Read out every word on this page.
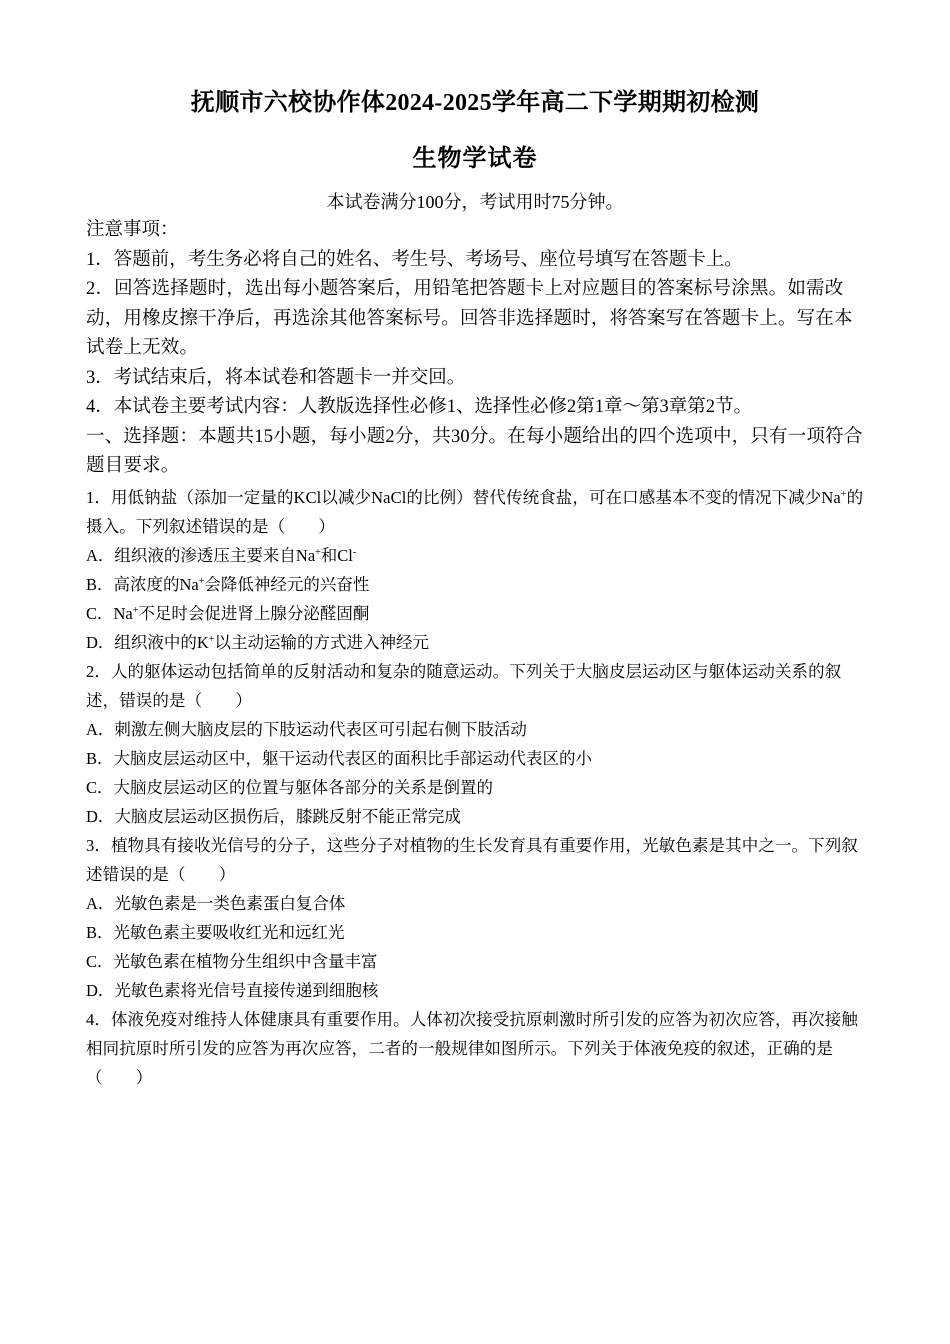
抚顺市六校协作体2024-2025学年高二下学期期初检测
生物学试卷
本试卷满分100分，考试用时75分钟。
注意事项：
1．答题前，考生务必将自己的姓名、考生号、考场号、座位号填写在答题卡上。
2．回答选择题时，选出每小题答案后，用铅笔把答题卡上对应题目的答案标号涂黑。如需改动，用橡皮擦干净后，再选涂其他答案标号。回答非选择题时，将答案写在答题卡上。写在本试卷上无效。
3．考试结束后，将本试卷和答题卡一并交回。
4．本试卷主要考试内容：人教版选择性必修1、选择性必修2第1章～第3章第2节。
一、选择题：本题共15小题，每小题2分，共30分。在每小题给出的四个选项中，只有一项符合题目要求。
1．用低钠盐（添加一定量的KCl以减少NaCl的比例）替代传统食盐，可在口感基本不变的情况下减少Na+的摄入。下列叙述错误的是（　　）
A．组织液的渗透压主要来自Na+和Cl-
B．高浓度的Na+会降低神经元的兴奋性
C．Na+不足时会促进肾上腺分泌醛固酮
D．组织液中的K+以主动运输的方式进入神经元
2．人的躯体运动包括简单的反射活动和复杂的随意运动。下列关于大脑皮层运动区与躯体运动关系的叙述，错误的是（　　）
A．刺激左侧大脑皮层的下肢运动代表区可引起右侧下肢活动
B．大脑皮层运动区中，躯干运动代表区的面积比手部运动代表区的小
C．大脑皮层运动区的位置与躯体各部分的关系是倒置的
D．大脑皮层运动区损伤后，膝跳反射不能正常完成
3．植物具有接收光信号的分子，这些分子对植物的生长发育具有重要作用，光敏色素是其中之一。下列叙述错误的是（　　）
A．光敏色素是一类色素蛋白复合体
B．光敏色素主要吸收红光和远红光
C．光敏色素在植物分生组织中含量丰富
D．光敏色素将光信号直接传递到细胞核
4．体液免疫对维持人体健康具有重要作用。人体初次接受抗原刺激时所引发的应答为初次应答，再次接触相同抗原时所引发的应答为再次应答，二者的一般规律如图所示。下列关于体液免疫的叙述，正确的是（　　）
